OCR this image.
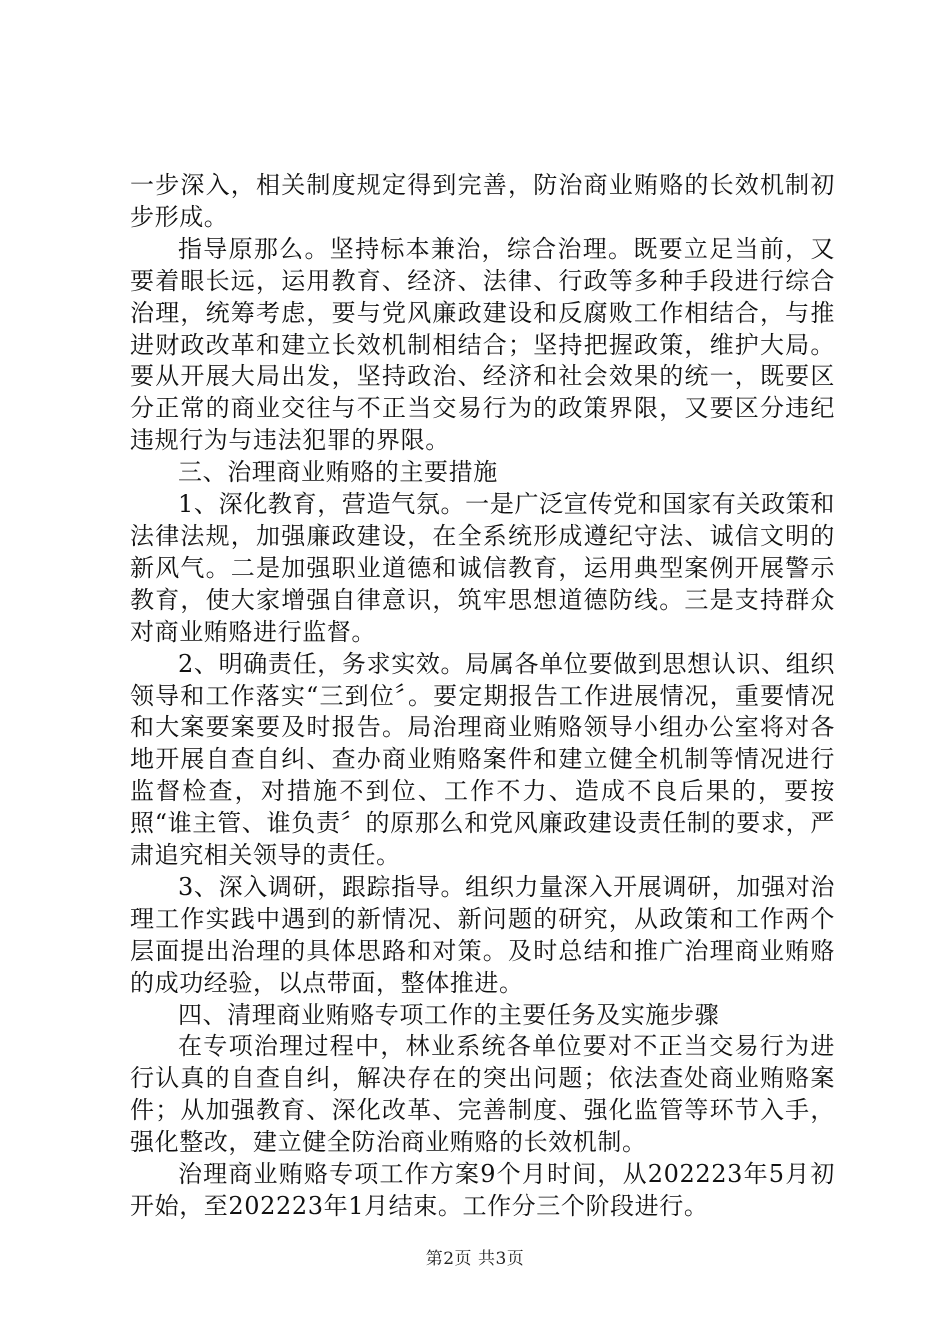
一步深入，相关制度规定得到完善，防治商业贿赂的长效机制初步形成。

指导原那么。坚持标本兼治，综合治理。既要立足当前，又要着眼长远，运用教育、经济、法律、行政等多种手段进行综合治理，统筹考虑，要与党风廉政建设和反腐败工作相结合，与推进财政改革和建立长效机制相结合；坚持把握政策，维护大局。要从开展大局出发，坚持政治、经济和社会效果的统一，既要区分正常的商业交往与不正当交易行为的政策界限，又要区分违纪违规行为与违法犯罪的界限。

三、治理商业贿赂的主要措施

1、深化教育，营造气氛。一是广泛宣传党和国家有关政策和法律法规，加强廉政建设，在全系统形成遵纪守法、诚信文明的新风气。二是加强职业道德和诚信教育，运用典型案例开展警示教育，使大家增强自律意识，筑牢思想道德防线。三是支持群众对商业贿赂进行监督。

2、明确责任，务求实效。局属各单位要做到思想认识、组织领导和工作落实“三到位〞。要定期报告工作进展情况，重要情况和大案要案要及时报告。局治理商业贿赂领导小组办公室将对各地开展自查自纠、查办商业贿赂案件和建立健全机制等情况进行监督检查，对措施不到位、工作不力、造成不良后果的，要按照“谁主管、谁负责〞的原那么和党风廉政建设责任制的要求，严肃追究相关领导的责任。

3、深入调研，跟踪指导。组织力量深入开展调研，加强对治理工作实践中遇到的新情况、新问题的研究，从政策和工作两个层面提出治理的具体思路和对策。及时总结和推广治理商业贿赂的成功经验，以点带面，整体推进。

四、清理商业贿赂专项工作的主要任务及实施步骤

在专项治理过程中，林业系统各单位要对不正当交易行为进行认真的自查自纠，解决存在的突出问题；依法查处商业贿赂案件；从加强教育、深化改革、完善制度、强化监管等环节入手，强化整改，建立健全防治商业贿赂的长效机制。

治理商业贿赂专项工作方案9个月时间，从202223年5月初开始，至202223年1月结束。工作分三个阶段进行。

第2页 共3页
